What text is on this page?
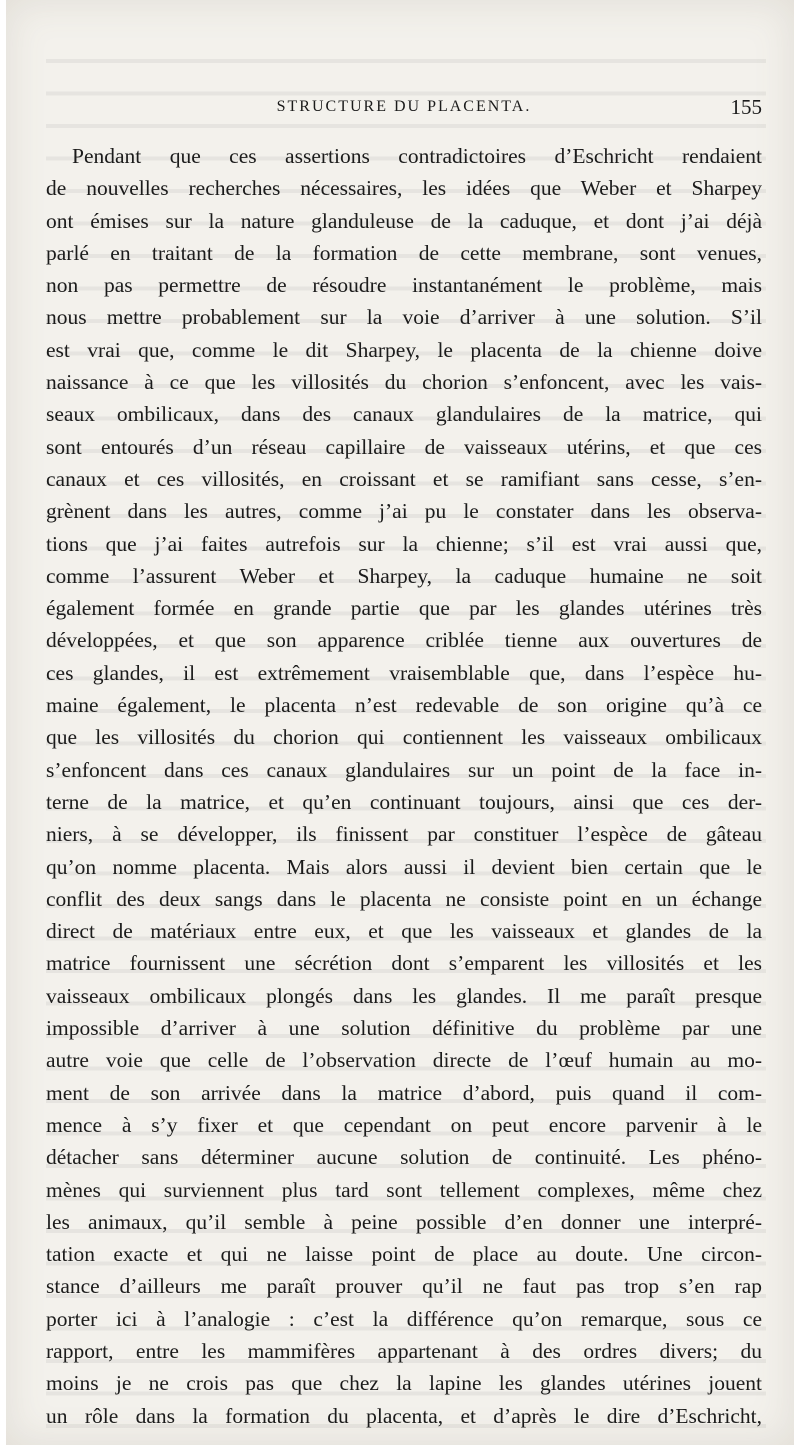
STRUCTURE DU PLACENTA.	155
Pendant que ces assertions contradictoires d’Eschricht rendaient
de nouvelles recherches nécessaires, les idées que Weber et Sharpey
ont émises sur la nature glanduleuse de la caduque, et dont j’ai déjà
parlé en traitant de la formation de cette membrane, sont venues,
non pas permettre de résoudre instantanément le problème, mais
nous mettre probablement sur la voie d’arriver à une solution. S’il
est vrai que, comme le dit Sharpey, le placenta de la chienne doive
naissance à ce que les villosités du chorion s’enfoncent, avec les vais-
seaux ombilicaux, dans des canaux glandulaires de la matrice, qui
sont entourés d’un réseau capillaire de vaisseaux utérins, et que ces
canaux et ces villosités, en croissant et se ramifiant sans cesse, s’en-
grènent dans les autres, comme j’ai pu le constater dans les observa-
tions que j’ai faites autrefois sur la chienne; s’il est vrai aussi que,
comme l’assurent Weber et Sharpey, la caduque humaine ne soit
également formée en grande partie que par les glandes utérines très
développées, et que son apparence criblée tienne aux ouvertures de
ces glandes, il est extrêmement vraisemblable que, dans l’espèce hu-
maine également, le placenta n’est redevable de son origine qu’à ce
que les villosités du chorion qui contiennent les vaisseaux ombilicaux
s’enfoncent dans ces canaux glandulaires sur un point de la face in-
terne de la matrice, et qu’en continuant toujours, ainsi que ces der-
niers, à se développer, ils finissent par constituer l’espèce de gâteau
qu’on nomme placenta. Mais alors aussi il devient bien certain que le
conflit des deux sangs dans le placenta ne consiste point en un échange
direct de matériaux entre eux, et que les vaisseaux et glandes de la
matrice fournissent une sécrétion dont s’emparent les villosités et les
vaisseaux ombilicaux plongés dans les glandes. Il me paraît presque
impossible d’arriver à une solution définitive du problème par une
autre voie que celle de l’observation directe de l’œuf humain au mo-
ment de son arrivée dans la matrice d’abord, puis quand il com-
mence à s’y fixer et que cependant on peut encore parvenir à le
détacher sans déterminer aucune solution de continuité. Les phéno-
mènes qui surviennent plus tard sont tellement complexes, même chez
les animaux, qu’il semble à peine possible d’en donner une interpré-
tation exacte et qui ne laisse point de place au doute. Une circon-
stance d’ailleurs me paraît prouver qu’il ne faut pas trop s’en rap
porter ici à l’analogie : c’est la différence qu’on remarque, sous ce
rapport, entre les mammifères appartenant à des ordres divers; du
moins je ne crois pas que chez la lapine les glandes utérines jouent
un rôle dans la formation du placenta, et d’après le dire d’Eschricht,
